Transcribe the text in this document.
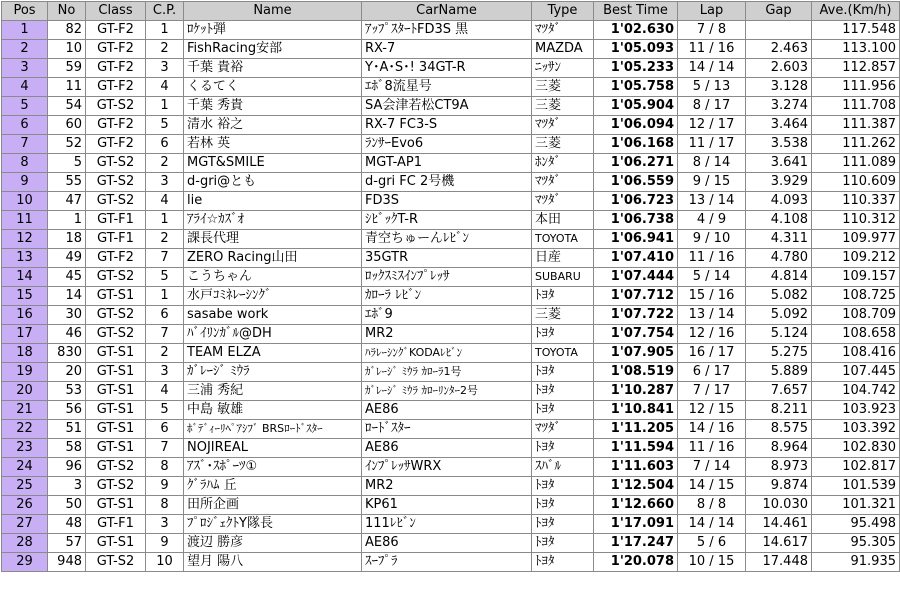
Pos	No	Class	C.P.	Name	CarName	Type	Best Time	Lap	Gap	Ave.(Km/h)
1	82	GT-F2	1	ﾛｹｯﾄ弾	ｱｯﾌﾟｽﾀｰﾄFD3S 黒	ﾏﾂﾀﾞ	1'02.630	7 / 8		117.548
2	10	GT-F2	2	FishRacing安部	RX-7	MAZDA	1'05.093	11 / 16	2.463	113.100
3	59	GT-F2	3	千葉 貴裕	Y･A･S･! 34GT-R	ﾆｯｻﾝ	1'05.233	14 / 14	2.603	112.857
4	11	GT-F2	4	くるてく	ｴﾎﾞ8流星号	三菱	1'05.758	5 / 13	3.128	111.956
5	54	GT-S2	1	千葉 秀貴	SA会津若松CT9A	三菱	1'05.904	8 / 17	3.274	111.708
6	60	GT-F2	5	清水 裕之	RX-7 FC3-S	ﾏﾂﾀﾞ	1'06.094	12 / 17	3.464	111.387
7	52	GT-F2	6	若林 英	ﾗﾝｻｰEvo6	三菱	1'06.168	11 / 17	3.538	111.262
8	5	GT-S2	2	MGT&SMILE	MGT-AP1	ﾎﾝﾀﾞ	1'06.271	8 / 14	3.641	111.089
9	55	GT-S2	3	d-gri@とも	d-gri FC 2号機	ﾏﾂﾀﾞ	1'06.559	9 / 15	3.929	110.609
10	47	GT-S2	4	lie	FD3S	ﾏﾂﾀﾞ	1'06.723	13 / 14	4.093	110.337
11	1	GT-F1	1	ｱﾗｲ☆ｶｽﾞｵ	ｼﾋﾞｯｸT-R	本田	1'06.738	4 / 9	4.108	110.312
12	18	GT-F1	2	課長代理	青空ちゅーんﾚﾋﾞﾝ	TOYOTA	1'06.941	9 / 10	4.311	109.977
13	49	GT-F2	7	ZERO Racing山田	35GTR	日産	1'07.410	11 / 16	4.780	109.212
14	45	GT-S2	5	こうちゃん	ﾛｯｸｽﾐｽｲﾝﾌﾟﾚｯｻ	SUBARU	1'07.444	5 / 14	4.814	109.157
15	14	GT-S1	1	水戸ｺﾐﾈﾚｰｼﾝｸﾞ	ｶﾛｰﾗ ﾚﾋﾞﾝ	ﾄﾖﾀ	1'07.712	15 / 16	5.082	108.725
16	30	GT-S2	6	sasabe work	ｴﾎﾞ9	三菱	1'07.722	13 / 14	5.092	108.709
17	46	GT-S2	7	ﾊﾞｲﾘﾝｶﾞﾙ@DH	MR2	ﾄﾖﾀ	1'07.754	12 / 16	5.124	108.658
18	830	GT-S1	2	TEAM ELZA	ﾊﾗﾚｰｼﾝｸﾞKODAﾚﾋﾞﾝ	TOYOTA	1'07.905	16 / 17	5.275	108.416
19	20	GT-S1	3	ｶﾞﾚｰｼﾞ ﾐｳﾗ	ｶﾞﾚｰｼﾞ ﾐｳﾗ ｶﾛｰﾗ1号	ﾄﾖﾀ	1'08.519	6 / 17	5.889	107.445
20	53	GT-S1	4	三浦 秀紀	ｶﾞﾚｰｼﾞ ﾐｳﾗ ｶﾛｰﾘﾝﾀｰ2号	ﾄﾖﾀ	1'10.287	7 / 17	7.657	104.742
21	56	GT-S1	5	中島 敏雄	AE86	ﾄﾖﾀ	1'10.841	12 / 15	8.211	103.923
22	51	GT-S1	6	ﾎﾞﾃﾞｨｰﾘﾍﾟｱｼﾌﾞ BRSﾛｰﾄﾞｽﾀｰ	ﾛｰﾄﾞｽﾀｰ	ﾏﾂﾀﾞ	1'11.205	14 / 16	8.575	103.392
23	58	GT-S1	7	NOJIREAL	AE86	ﾄﾖﾀ	1'11.594	11 / 16	8.964	102.830
24	96	GT-S2	8	ｱｽﾞ･ｽﾎﾟｰﾂ①	ｲﾝﾌﾟﾚｯｻWRX	ｽﾊﾞﾙ	1'11.603	7 / 14	8.973	102.817
25	3	GT-S2	9	ｸﾞﾗﾊﾑ 丘	MR2	ﾄﾖﾀ	1'12.504	14 / 15	9.874	101.539
26	50	GT-S1	8	田所企画	KP61	ﾄﾖﾀ	1'12.660	8 / 8	10.030	101.321
27	48	GT-F1	3	ﾌﾟﾛｼﾞｪｸﾄY隊長	111ﾚﾋﾞﾝ	ﾄﾖﾀ	1'17.091	14 / 14	14.461	95.498
28	57	GT-S1	9	渡辺 勝彦	AE86	ﾄﾖﾀ	1'17.247	5 / 6	14.617	95.305
29	948	GT-S2	10	望月 陽八	ｽｰﾌﾟﾗ	ﾄﾖﾀ	1'20.078	10 / 15	17.448	91.935
